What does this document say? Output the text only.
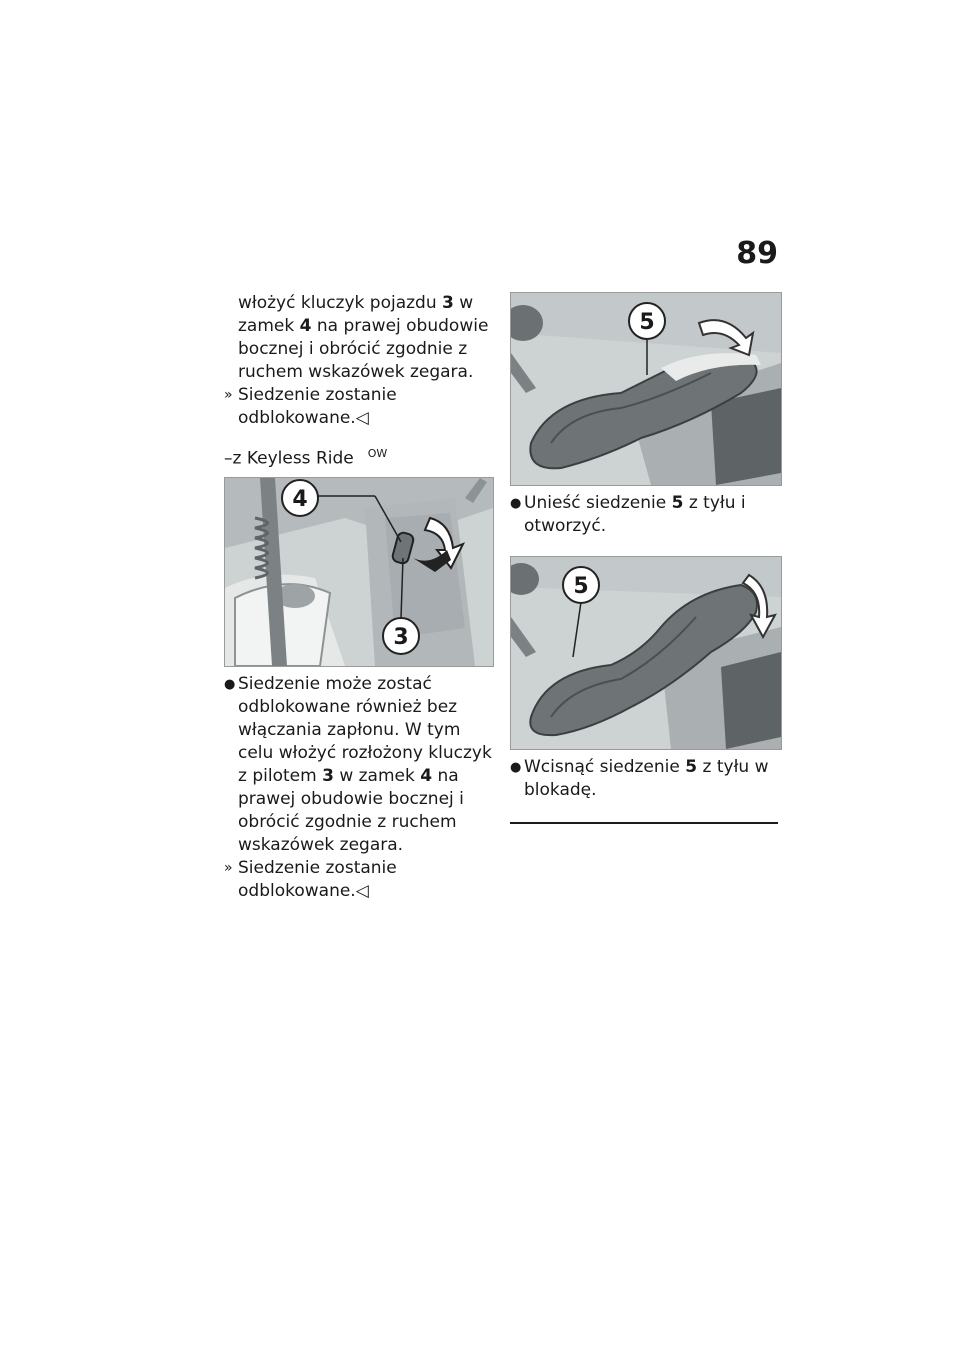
89

włożyć kluczyk pojazdu 3 w zamek 4 na prawej obudowie bocznej i obrócić zgodnie z ruchem wskazówek zegara.

» Siedzenie zostanie odblokowane.◁
–z Keyless Ride $^{OW}$
4
3
● Siedzenie może zostać odblokowane również bez włączania zapłonu. W tym celu włożyć rozłożony kluczyk z pilotem 3 w zamek 4 na prawej obudowie bocznej i obrócić zgodnie z ruchem wskazówek zegara.
» Siedzenie zostanie odblokowane.◁
5
● Unieść siedzenie 5 z tyłu i otworzyć.
5
● Wcisnąć siedzenie 5 z tyłu w blokadę.
